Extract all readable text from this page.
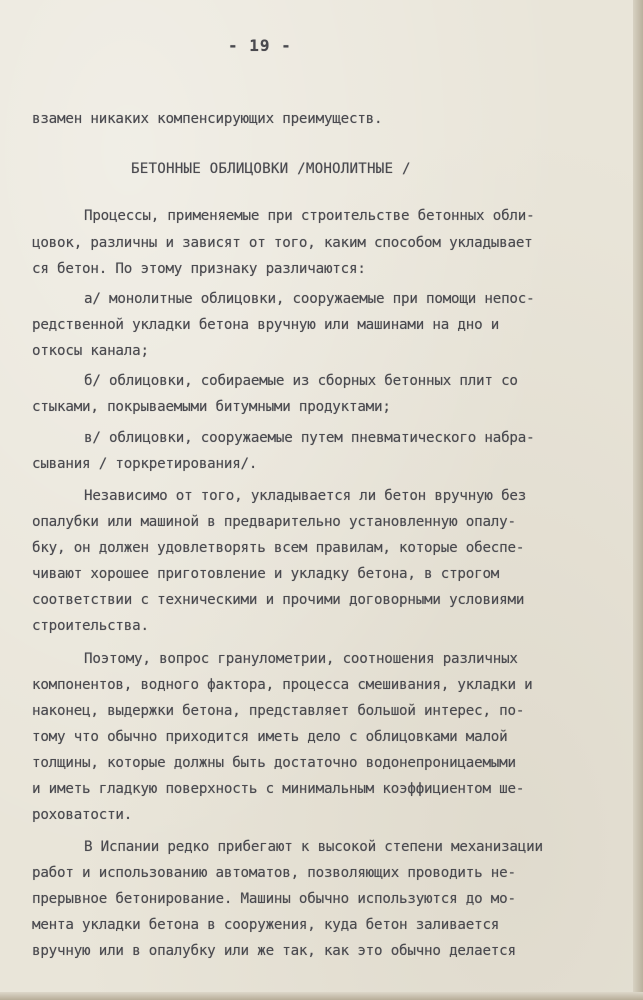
- 19 -
взамен никаких компенсирующих преимуществ.
БЕТОННЫЕ ОБЛИЦОВКИ /МОНОЛИТНЫЕ /
Процессы, применяемые при строительстве бетонных обли-
цовок, различны и зависят от того, каким способом укладывает
ся бетон. По этому признаку различаются:
а/ монолитные облицовки, сооружаемые при помощи непос-
редственной укладки бетона вручную или машинами на дно и
откосы канала;
б/ облицовки, собираемые из сборных бетонных плит со
стыками, покрываемыми битумными продуктами;
в/ облицовки, сооружаемые путем пневматического набра-
сывания / торкретирования/.
Независимо от того, укладывается ли бетон вручную без
опалубки или машиной в предварительно установленную опалу-
бку, он должен удовлетворять всем правилам, которые обеспе-
чивают хорошее приготовление и укладку бетона, в строгом
соответствии с техническими и прочими договорными условиями
строительства.
Поэтому, вопрос гранулометрии, соотношения различных
компонентов, водного фактора, процесса смешивания, укладки и
наконец, выдержки бетона, представляет большой интерес, по-
тому что обычно приходится иметь дело с облицовками малой
толщины, которые должны быть достаточно водонепроницаемыми
и иметь гладкую поверхность с минимальным коэффициентом ше-
роховатости.
В Испании редко прибегают к высокой степени механизации
работ и использованию автоматов, позволяющих проводить не-
прерывное бетонирование. Машины обычно используются до мо-
мента укладки бетона в сооружения, куда бетон заливается
вручную или в опалубку или же так, как это обычно делается
